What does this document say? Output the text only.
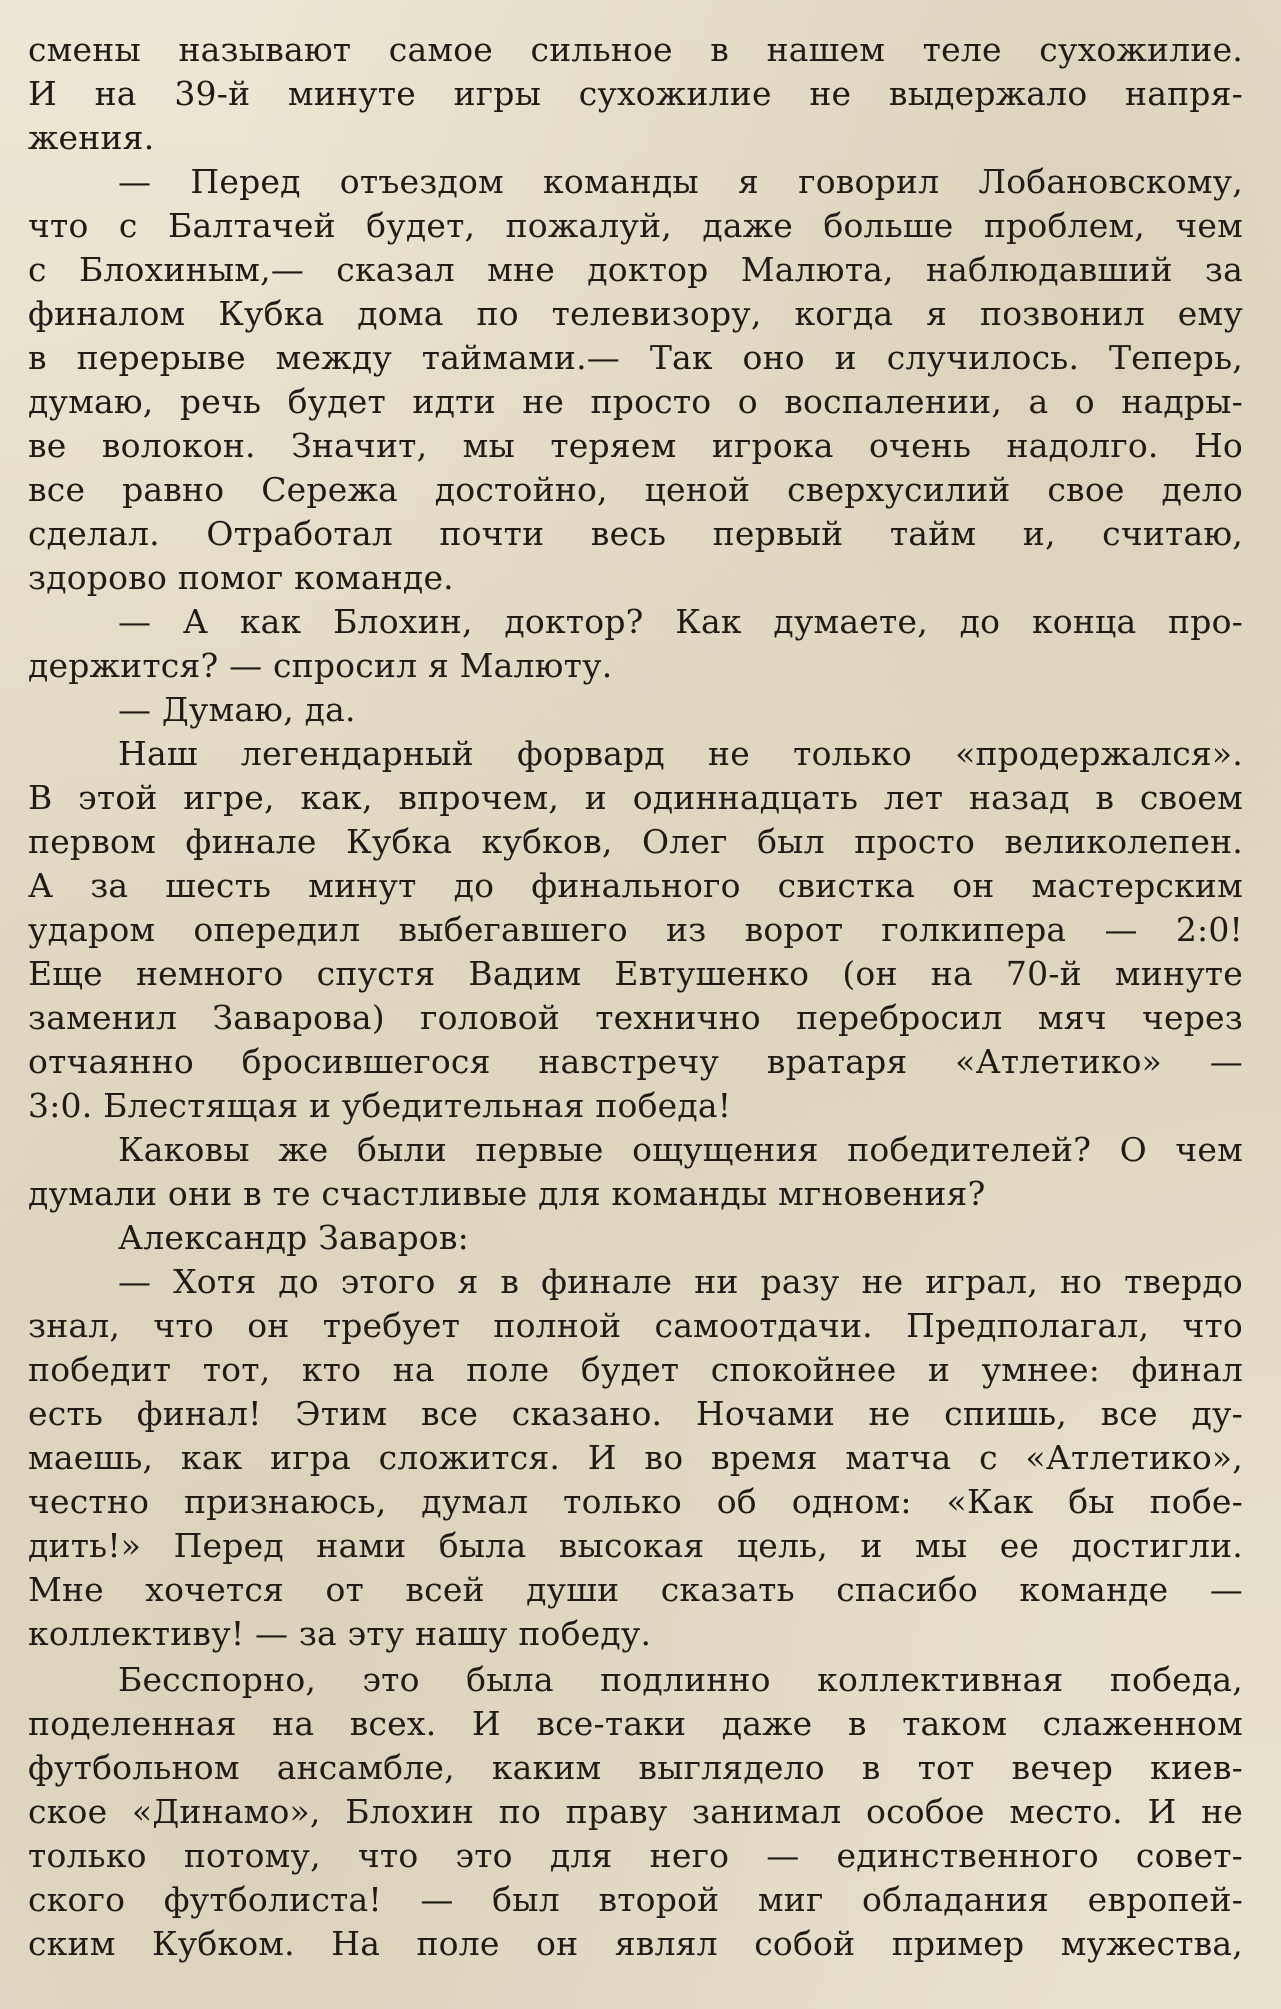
смены называют самое сильное в нашем теле сухожилие.
И на 39-й минуте игры сухожилие не выдержало напря-
жения.
— Перед отъездом команды я говорил Лобановскому,
что с Балтачей будет, пожалуй, даже больше проблем, чем
с Блохиным,— сказал мне доктор Малюта, наблюдавший за
финалом Кубка дома по телевизору, когда я позвонил ему
в перерыве между таймами.— Так оно и случилось. Теперь,
думаю, речь будет идти не просто о воспалении, а о надры-
ве волокон. Значит, мы теряем игрока очень надолго. Но
все равно Сережа достойно, ценой сверхусилий свое дело
сделал. Отработал почти весь первый тайм и, считаю,
здорово помог команде.
— А как Блохин, доктор? Как думаете, до конца про-
держится? — спросил я Малюту.
— Думаю, да.
Наш легендарный форвард не только «продержался».
В этой игре, как, впрочем, и одиннадцать лет назад в своем
первом финале Кубка кубков, Олег был просто великолепен.
А за шесть минут до финального свистка он мастерским
ударом опередил выбегавшего из ворот голкипера — 2:0!
Еще немного спустя Вадим Евтушенко (он на 70-й минуте
заменил Заварова) головой технично перебросил мяч через
отчаянно бросившегося навстречу вратаря «Атлетико» —
3:0. Блестящая и убедительная победа!
Каковы же были первые ощущения победителей? О чем
думали они в те счастливые для команды мгновения?
Александр Заваров:
— Хотя до этого я в финале ни разу не играл, но твердо
знал, что он требует полной самоотдачи. Предполагал, что
победит тот, кто на поле будет спокойнее и умнее: финал
есть финал! Этим все сказано. Ночами не спишь, все ду-
маешь, как игра сложится. И во время матча с «Атлетико»,
честно признаюсь, думал только об одном: «Как бы побе-
дить!» Перед нами была высокая цель, и мы ее достигли.
Мне хочется от всей души сказать спасибо команде —
коллективу! — за эту нашу победу.
Бесспорно, это была подлинно коллективная победа,
поделенная на всех. И все-таки даже в таком слаженном
футбольном ансамбле, каким выглядело в тот вечер киев-
ское «Динамо», Блохин по праву занимал особое место. И не
только потому, что это для него — единственного совет-
ского футболиста! — был второй миг обладания европей-
ским Кубком. На поле он являл собой пример мужества,
